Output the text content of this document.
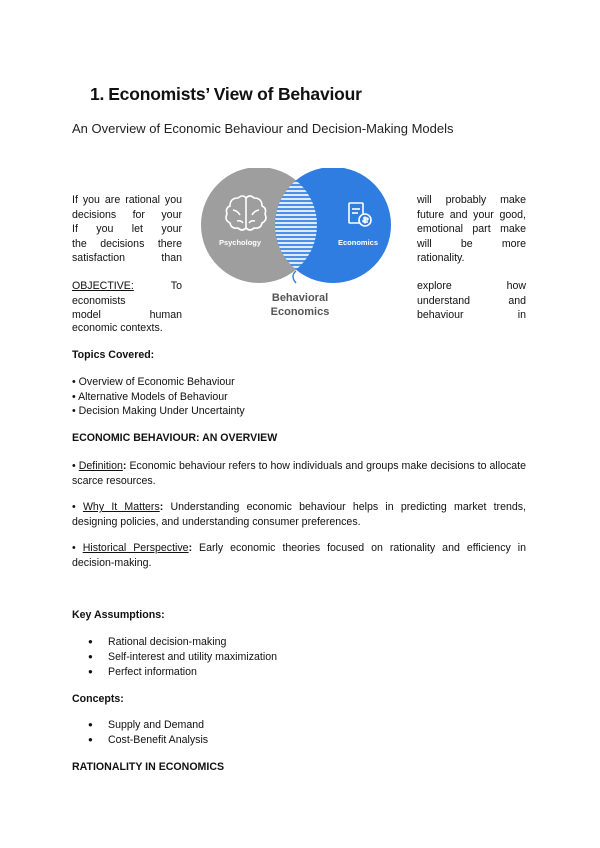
1. Economists’ View of Behaviour
An Overview of Economic Behaviour and Decision-Making Models
If you are rational you
decisions for your
If you let your
the decisions there
satisfaction than
will probably make
future and your good,
emotional part make
will be more
rationality.
OBJECTIVE:	To
economists
model human
explore how
understand and
behaviour in
economic contexts.
Psychology	Economics
Behavioral
Economics
Topics Covered:
• Overview of Economic Behaviour
• Alternative Models of Behaviour
• Decision Making Under Uncertainty
ECONOMIC BEHAVIOUR: AN OVERVIEW
• Definition: Economic behaviour refers to how individuals and groups make decisions to allocate scarce resources.
• Why It Matters: Understanding economic behaviour helps in predicting market trends, designing policies, and understanding consumer preferences.
• Historical Perspective: Early economic theories focused on rationality and efficiency in decision-making.
Key Assumptions:
● Rational decision-making
● Self-interest and utility maximization
● Perfect information
Concepts:
● Supply and Demand
● Cost-Benefit Analysis
RATIONALITY IN ECONOMICS
